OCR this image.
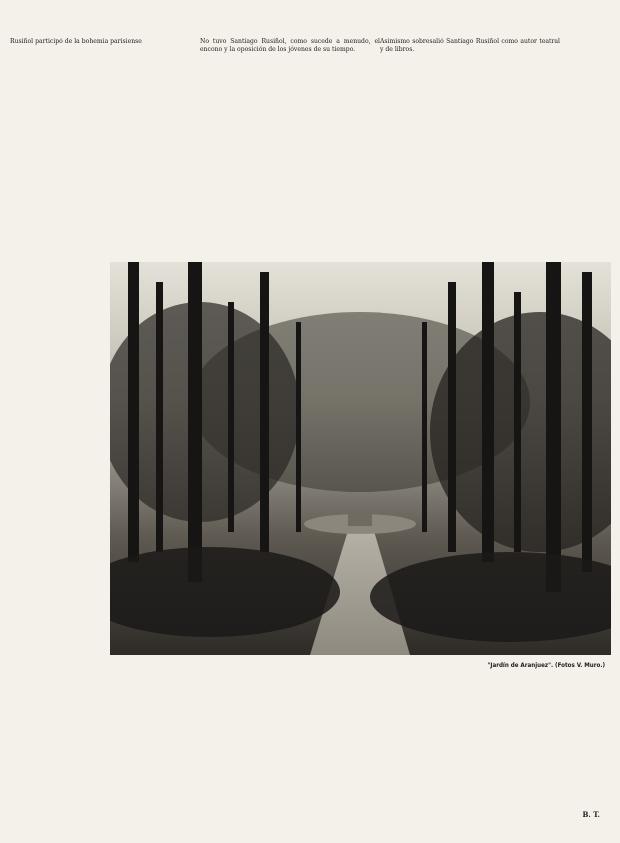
Rusiñol participó de la bohemia parisiense	No tuvo Santiago Rusiñol, como sucede a menudo, el encono y la oposición de los jóvenes de su tiempo.

Asimismo sobresalió Santiago Rusiñol como autor teatral y de libros.

"Jardín de Aranjuez". (Fotos V. Muro.)
B. T.
